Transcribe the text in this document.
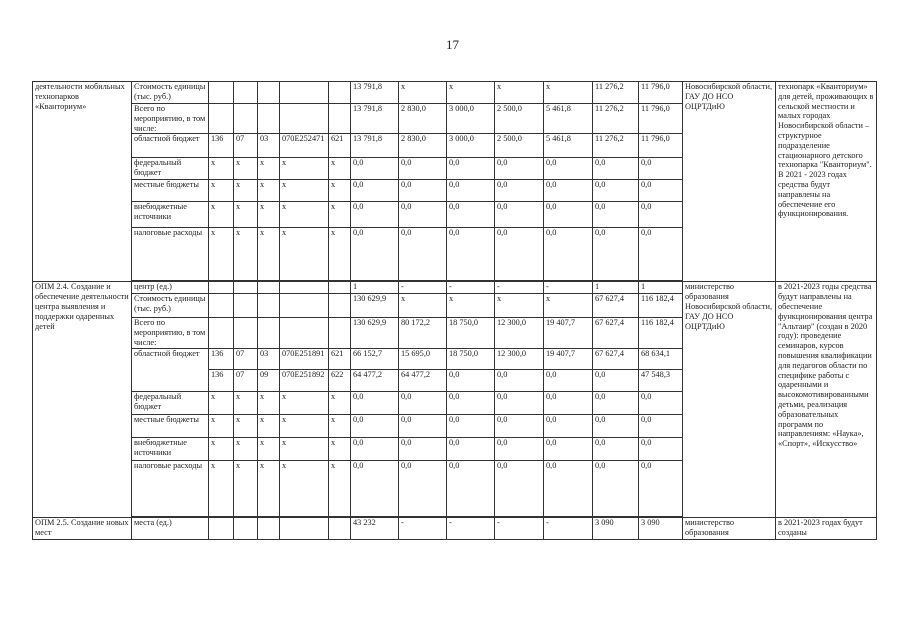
17
деятельности мобильных технопарков «Кванториум»	Стоимость единицы (тыс. руб.)						13 791,8	х	х	х	х	11 276,2	11 796,0	Новосибирской области, ГАУ ДО НСО ОЦРТДиЮ	технопарк «Кванториум» для детей, проживающих в сельской местности и малых городах Новосибирской области – структурное подразделение стационарного детского технопарка "Кванториум". В 2021 - 2023 годах средства будут направлены на обеспечение его функционирования.
	Всего по мероприятию, в том числе:						13 791,8	2 830,0	3 000,0	2 500,0	5 461,8	11 276,2	11 796,0		
	областной бюджет	136	07	03	070E252471	621	13 791,8	2 830,0	3 000,0	2 500,0	5 461,8	11 276,2	11 796,0		
	федеральный бюджет	х	х	х	х	х	0,0	0,0	0,0	0,0	0,0	0,0	0,0		
	местные бюджеты	х	х	х	х	х	0,0	0,0	0,0	0,0	0,0	0,0	0,0		
	внебюджетные источники	х	х	х	х	х	0,0	0,0	0,0	0,0	0,0	0,0	0,0		
	налоговые расходы	х	х	х	х	х	0,0	0,0	0,0	0,0	0,0	0,0	0,0		

ОПМ 2.4. Создание и обеспечение деятельности центра выявления и поддержки одаренных детей	центр (ед.)						1	-	-	-	-	1	1	министерство образования Новосибирской области, ГАУ ДО НСО ОЦРТДиЮ	в 2021-2023 годы средства будут направлены на обеспечение функционирования центра "Альтаир" (создан в 2020 году): проведение семинаров, курсов повышения квалификации для педагогов области по специфике работы с одаренными и высокомотивированными детьми, реализация образовательных программ по направлениям: «Наука», «Спорт», «Искусство»
	Стоимость единицы (тыс. руб.)						130 629,9	х	х	х	х	67 627,4	116 182,4		
	Всего по мероприятию, в том числе:						130 629,9	80 172,2	18 750,0	12 300,0	19 407,7	67 627,4	116 182,4		
	областной бюджет	136	07	03	070E251891	621	66 152,7	15 695,0	18 750,0	12 300,0	19 407,7	67 627,4	68 634,1		
		136	07	09	070E251892	622	64 477,2	64 477,2	0,0	0,0	0,0	0,0	47 548,3		
	федеральный бюджет	х	х	х	х	х	0,0	0,0	0,0	0,0	0,0	0,0	0,0		
	местные бюджеты	х	х	х	х	х	0,0	0,0	0,0	0,0	0,0	0,0	0,0		
	внебюджетные источники	х	х	х	х	х	0,0	0,0	0,0	0,0	0,0	0,0	0,0		
	налоговые расходы	х	х	х	х	х	0,0	0,0	0,0	0,0	0,0	0,0	0,0		

ОПМ 2.5. Создание новых мест	места (ед.)						43 232	-	-	-	-	3 090	3 090	министерство образования	в 2021-2023 годах будут созданы
